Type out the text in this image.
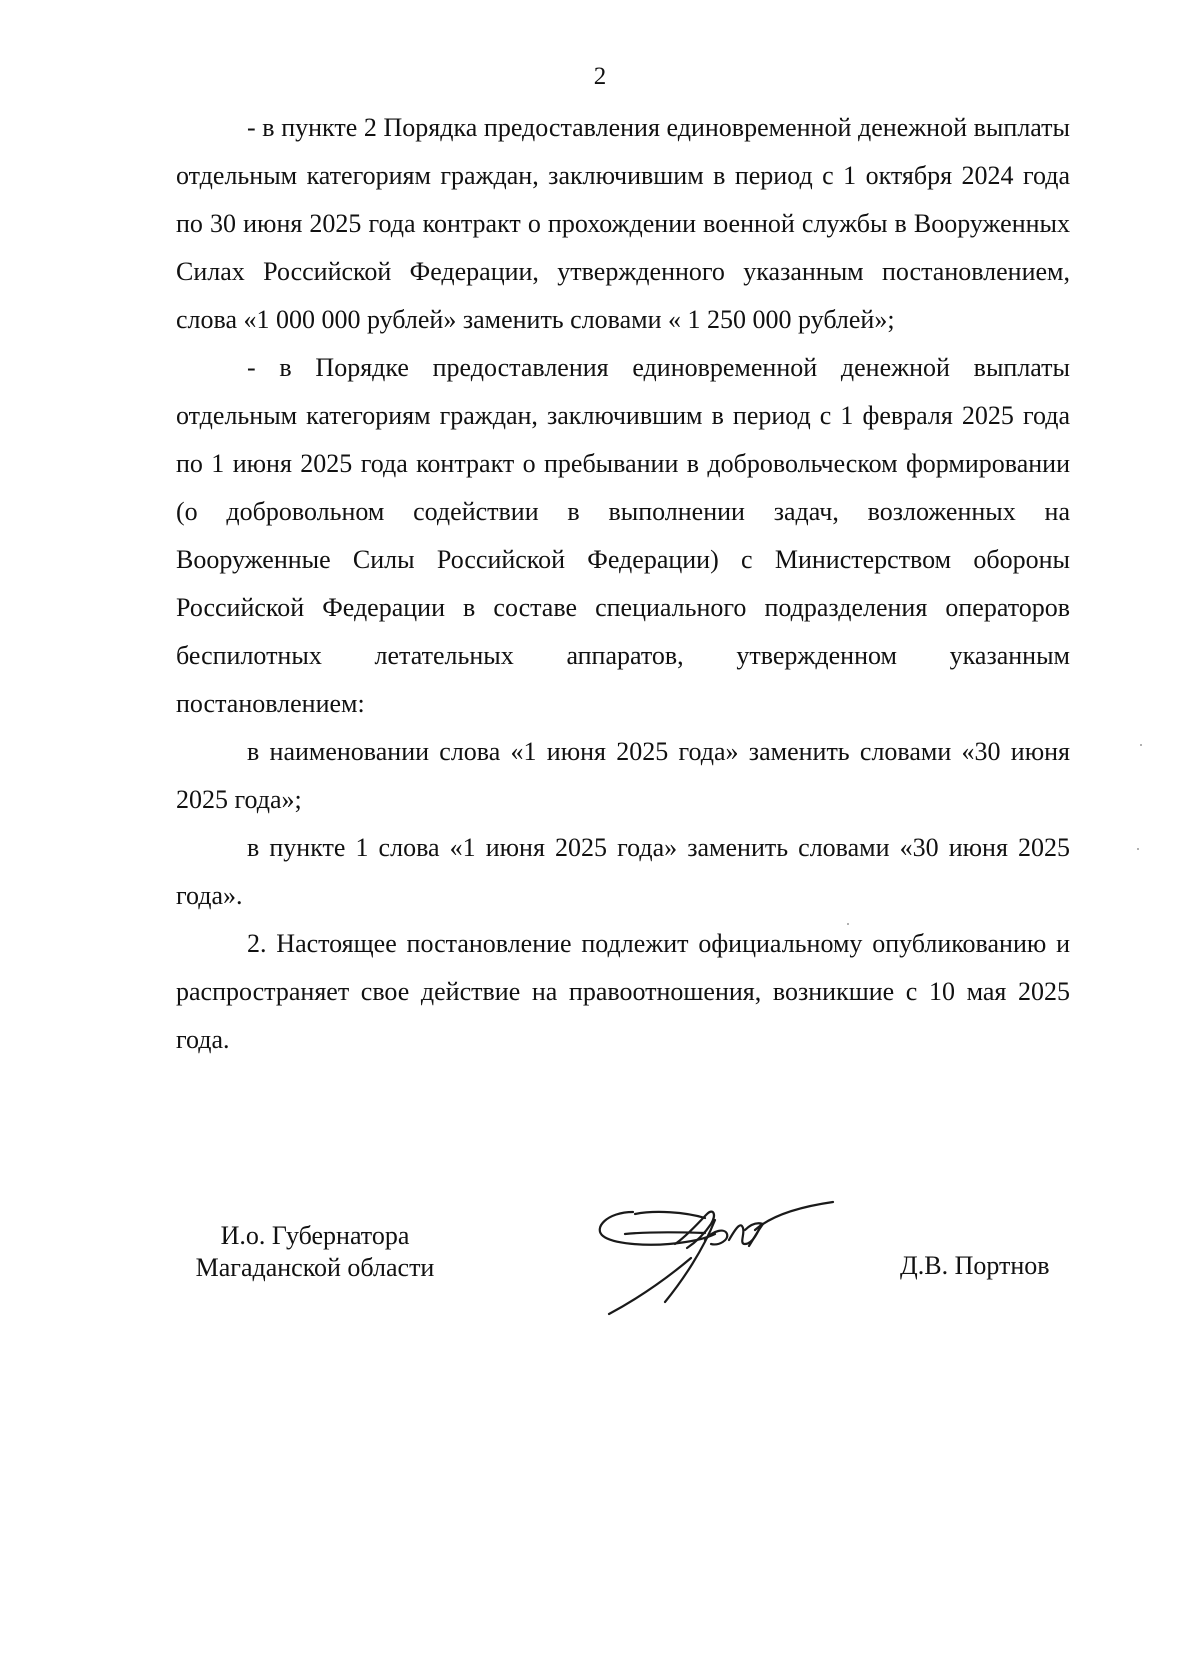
2

- в пункте 2 Порядка предоставления единовременной денежной выплаты отдельным категориям граждан, заключившим в период с 1 октября 2024 года по 30 июня 2025 года контракт о прохождении военной службы в Вооруженных Силах Российской Федерации, утвержденного указанным постановлением, слова «1 000 000 рублей» заменить словами « 1 250 000 рублей»;

- в Порядке предоставления единовременной денежной выплаты отдельным категориям граждан, заключившим в период с 1 февраля 2025 года по 1 июня 2025 года контракт о пребывании в добровольческом формировании (о добровольном содействии в выполнении задач, возложенных на Вооруженные Силы Российской Федерации) с Министерством обороны Российской Федерации в составе специального подразделения операторов беспилотных летательных аппаратов, утвержденном указанным постановлением:

в наименовании слова «1 июня 2025 года» заменить словами «30 июня 2025 года»;

в пункте 1 слова «1 июня 2025 года» заменить словами «30 июня 2025 года».

2. Настоящее постановление подлежит официальному опубликованию и распространяет свое действие на правоотношения, возникшие с 10 мая 2025 года.

И.о. Губернатора
Магаданской области	Д.В. Портнов
